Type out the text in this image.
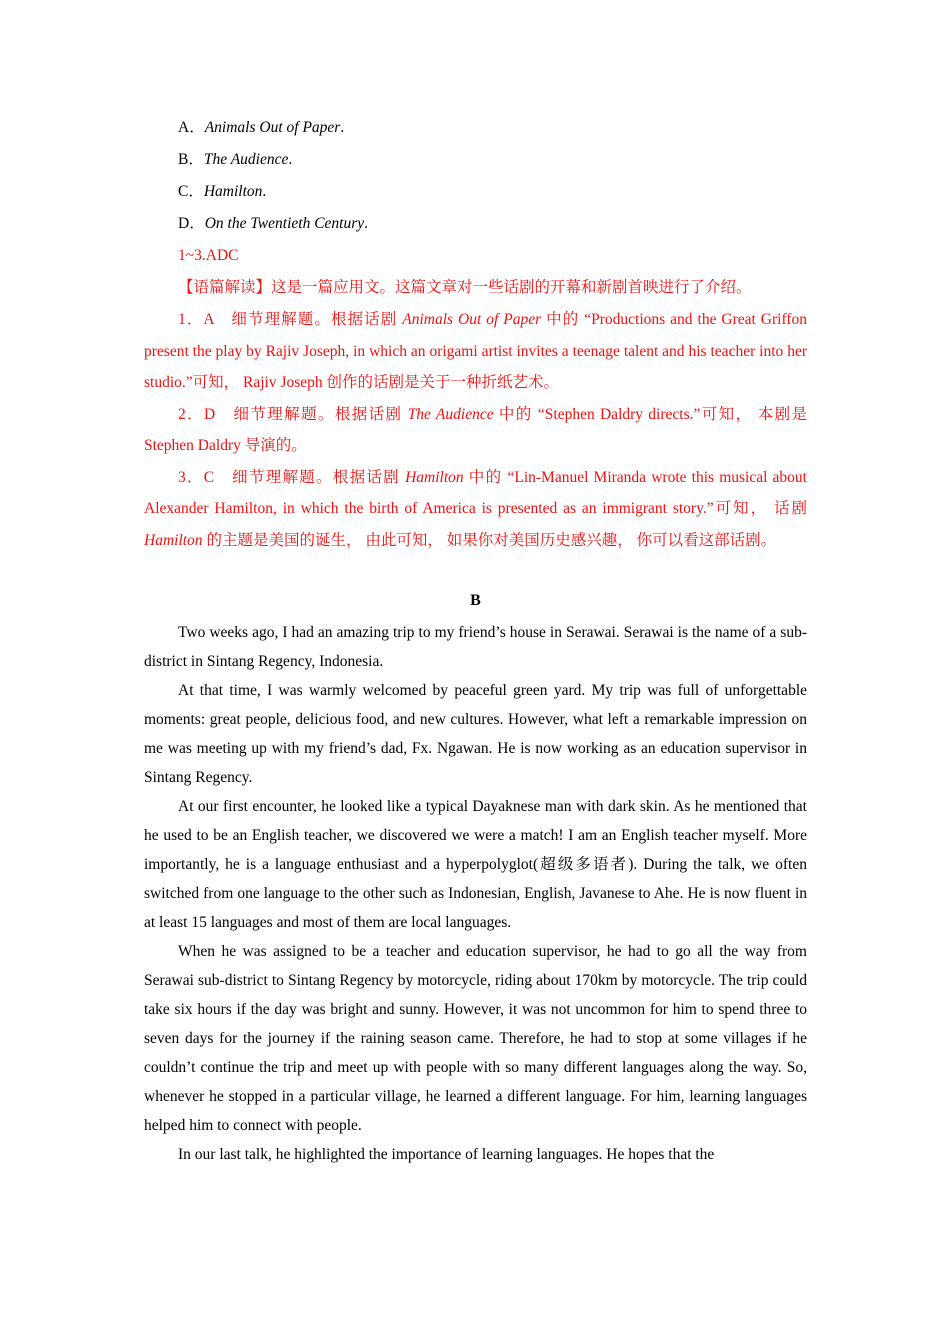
A．Animals Out of Paper.
B．The Audience.
C．Hamilton.
D．On the Twentieth Century.
1~3.ADC
【语篇解读】这是一篇应用文。这篇文章对一些话剧的开幕和新剧首映进行了介绍。

1．A　细节理解题。根据话剧 Animals Out of Paper 中的 “Productions and the Great Griffon present the play by Rajiv Joseph, in which an origami artist invites a teenage talent and his teacher into her studio.”可知， Rajiv Joseph 创作的话剧是关于一种折纸艺术。

2．D　细节理解题。根据话剧 The Audience 中的 “Stephen Daldry directs.”可知， 本剧是 Stephen Daldry 导演的。

3．C　细节理解题。根据话剧 Hamilton 中的 “Lin-Manuel Miranda wrote this musical about Alexander Hamilton, in which the birth of America is presented as an immigrant story.”可知， 话剧 Hamilton 的主题是美国的诞生， 由此可知， 如果你对美国历史感兴趣， 你可以看这部话剧。

B

Two weeks ago, I had an amazing trip to my friend’s house in Serawai. Serawai is the name of a sub-district in Sintang Regency, Indonesia.

At that time, I was warmly welcomed by peaceful green yard. My trip was full of unforgettable moments: great people, delicious food, and new cultures. However, what left a remarkable impression on me was meeting up with my friend’s dad, Fx. Ngawan. He is now working as an education supervisor in Sintang Regency.

At our first encounter, he looked like a typical Dayaknese man with dark skin. As he mentioned that he used to be an English teacher, we discovered we were a match! I am an English teacher myself. More importantly, he is a language enthusiast and a hyperpolyglot(超级多语者). During the talk, we often switched from one language to the other such as Indonesian, English, Javanese to Ahe. He is now fluent in at least 15 languages and most of them are local languages.

When he was assigned to be a teacher and education supervisor, he had to go all the way from Serawai sub-district to Sintang Regency by motorcycle, riding about 170km by motorcycle. The trip could take six hours if the day was bright and sunny. However, it was not uncommon for him to spend three to seven days for the journey if the raining season came. Therefore, he had to stop at some villages if he couldn’t continue the trip and meet up with people with so many different languages along the way. So, whenever he stopped in a particular village, he learned a different language. For him, learning languages helped him to connect with people.

In our last talk, he highlighted the importance of learning languages. He hopes that the
